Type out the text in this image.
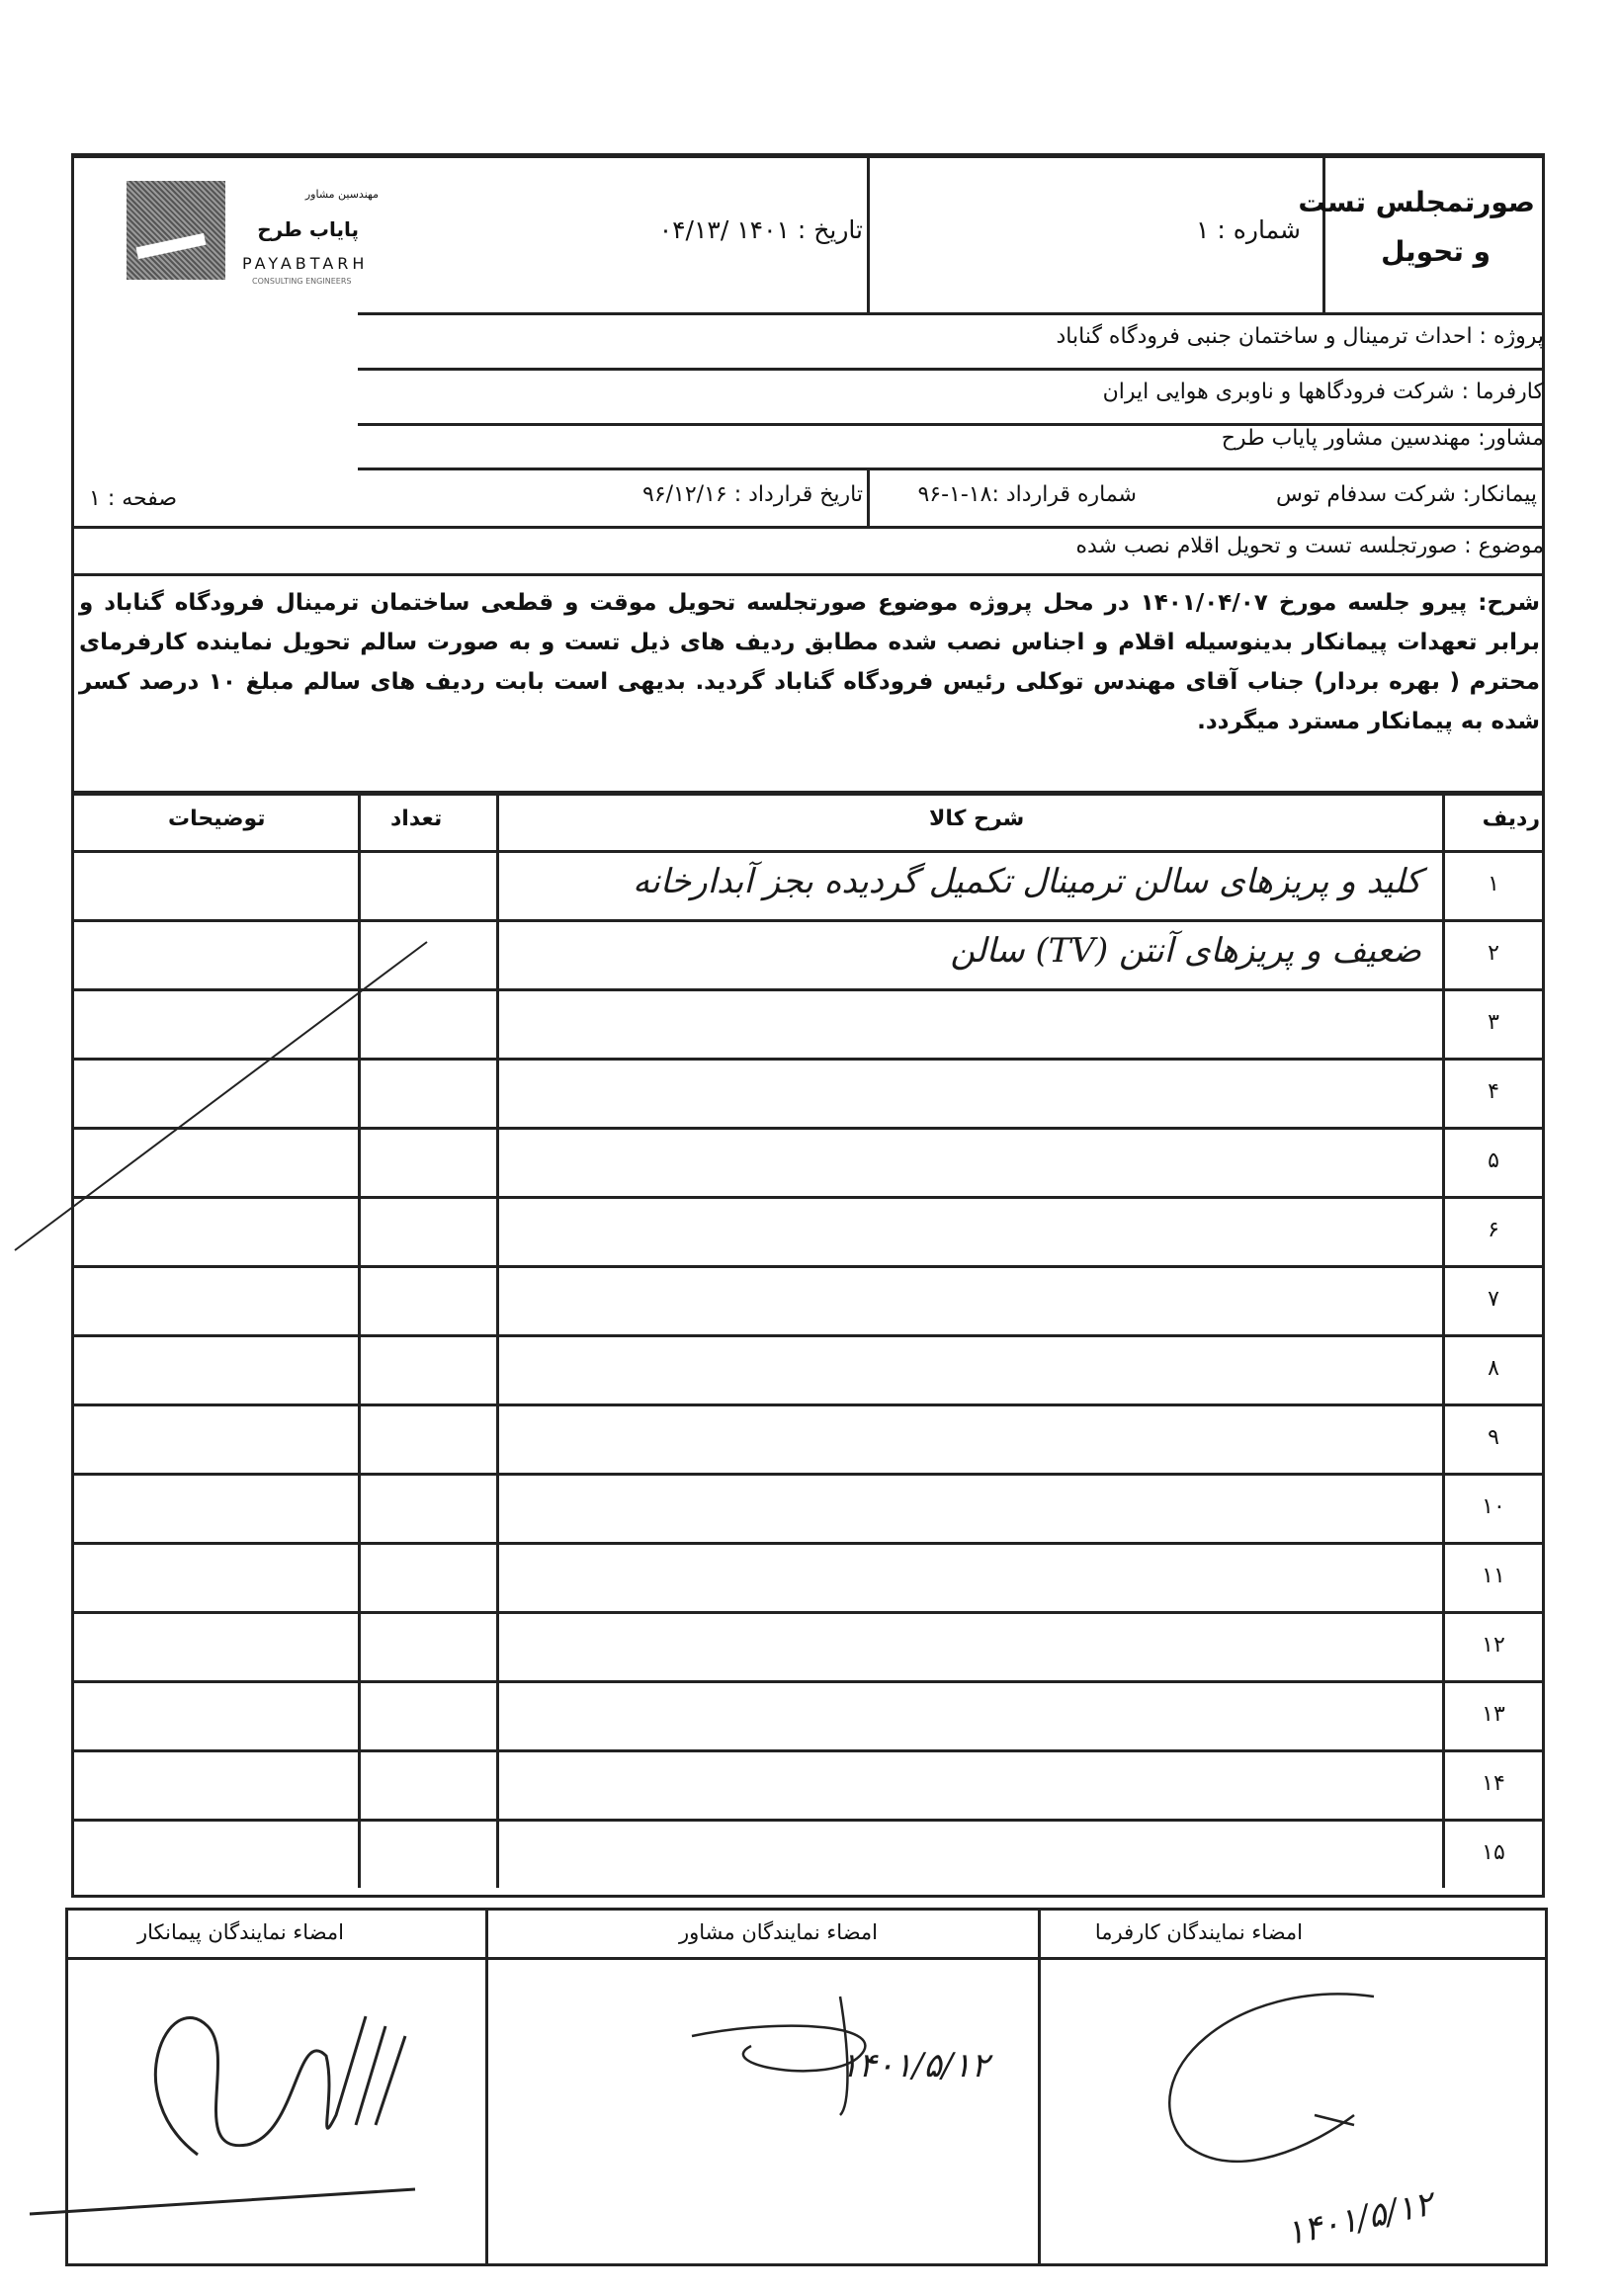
صورتمجلس تست
و تحویل
شماره : ۱
تاریخ : ۱۴۰۱ /۰۴/۱۳
مهندسین مشاور
پایاب طرح
PAYABTARH
CONSULTING ENGINEERS
پروژه : احداث ترمینال و ساختمان جنبی فرودگاه گناباد
کارفرما : شرکت فرودگاهها و ناوبری هوایی ایران
مشاور: مهندسین مشاور پایاب طرح
پیمانکار: شرکت سدفام توس
شماره قرارداد :۱۸-۱-۹۶
تاریخ قرارداد : ۹۶/۱۲/۱۶
صفحه : ۱
موضوع : صورتجلسه تست و تحویل اقلام نصب شده
شرح: پیرو جلسه مورخ ۱۴۰۱/۰۴/۰۷ در محل پروژه موضوع صورتجلسه تحویل موقت و قطعی ساختمان ترمینال فرودگاه گناباد و برابر تعهدات پیمانکار بدینوسیله اقلام و اجناس نصب شده مطابق ردیف های ذیل تست و به صورت سالم تحویل نماینده کارفرمای محترم ( بهره بردار) جناب آقای مهندس توکلی رئیس فرودگاه گناباد گردید. بدیهی است بابت ردیف های سالم مبلغ ۱۰ درصد کسر شده به پیمانکار مسترد میگردد.
ردیف
شرح کالا
تعداد
توضیحات
۱
کلید و پریزهای سالن ترمینال تکمیل گردیده بجز آبدارخانه
۲
ضعیف و پریزهای آنتن (TV) سالن
۳
۴
۵
۶
۷
۸
۹
۱۰
۱۱
۱۲
۱۳
۱۴
۱۵
امضاء نمایندگان کارفرما
امضاء نمایندگان مشاور
امضاء نمایندگان پیمانکار
۱۴۰۱/۵/۱۲
۱۴۰۱/۵/۱۲
